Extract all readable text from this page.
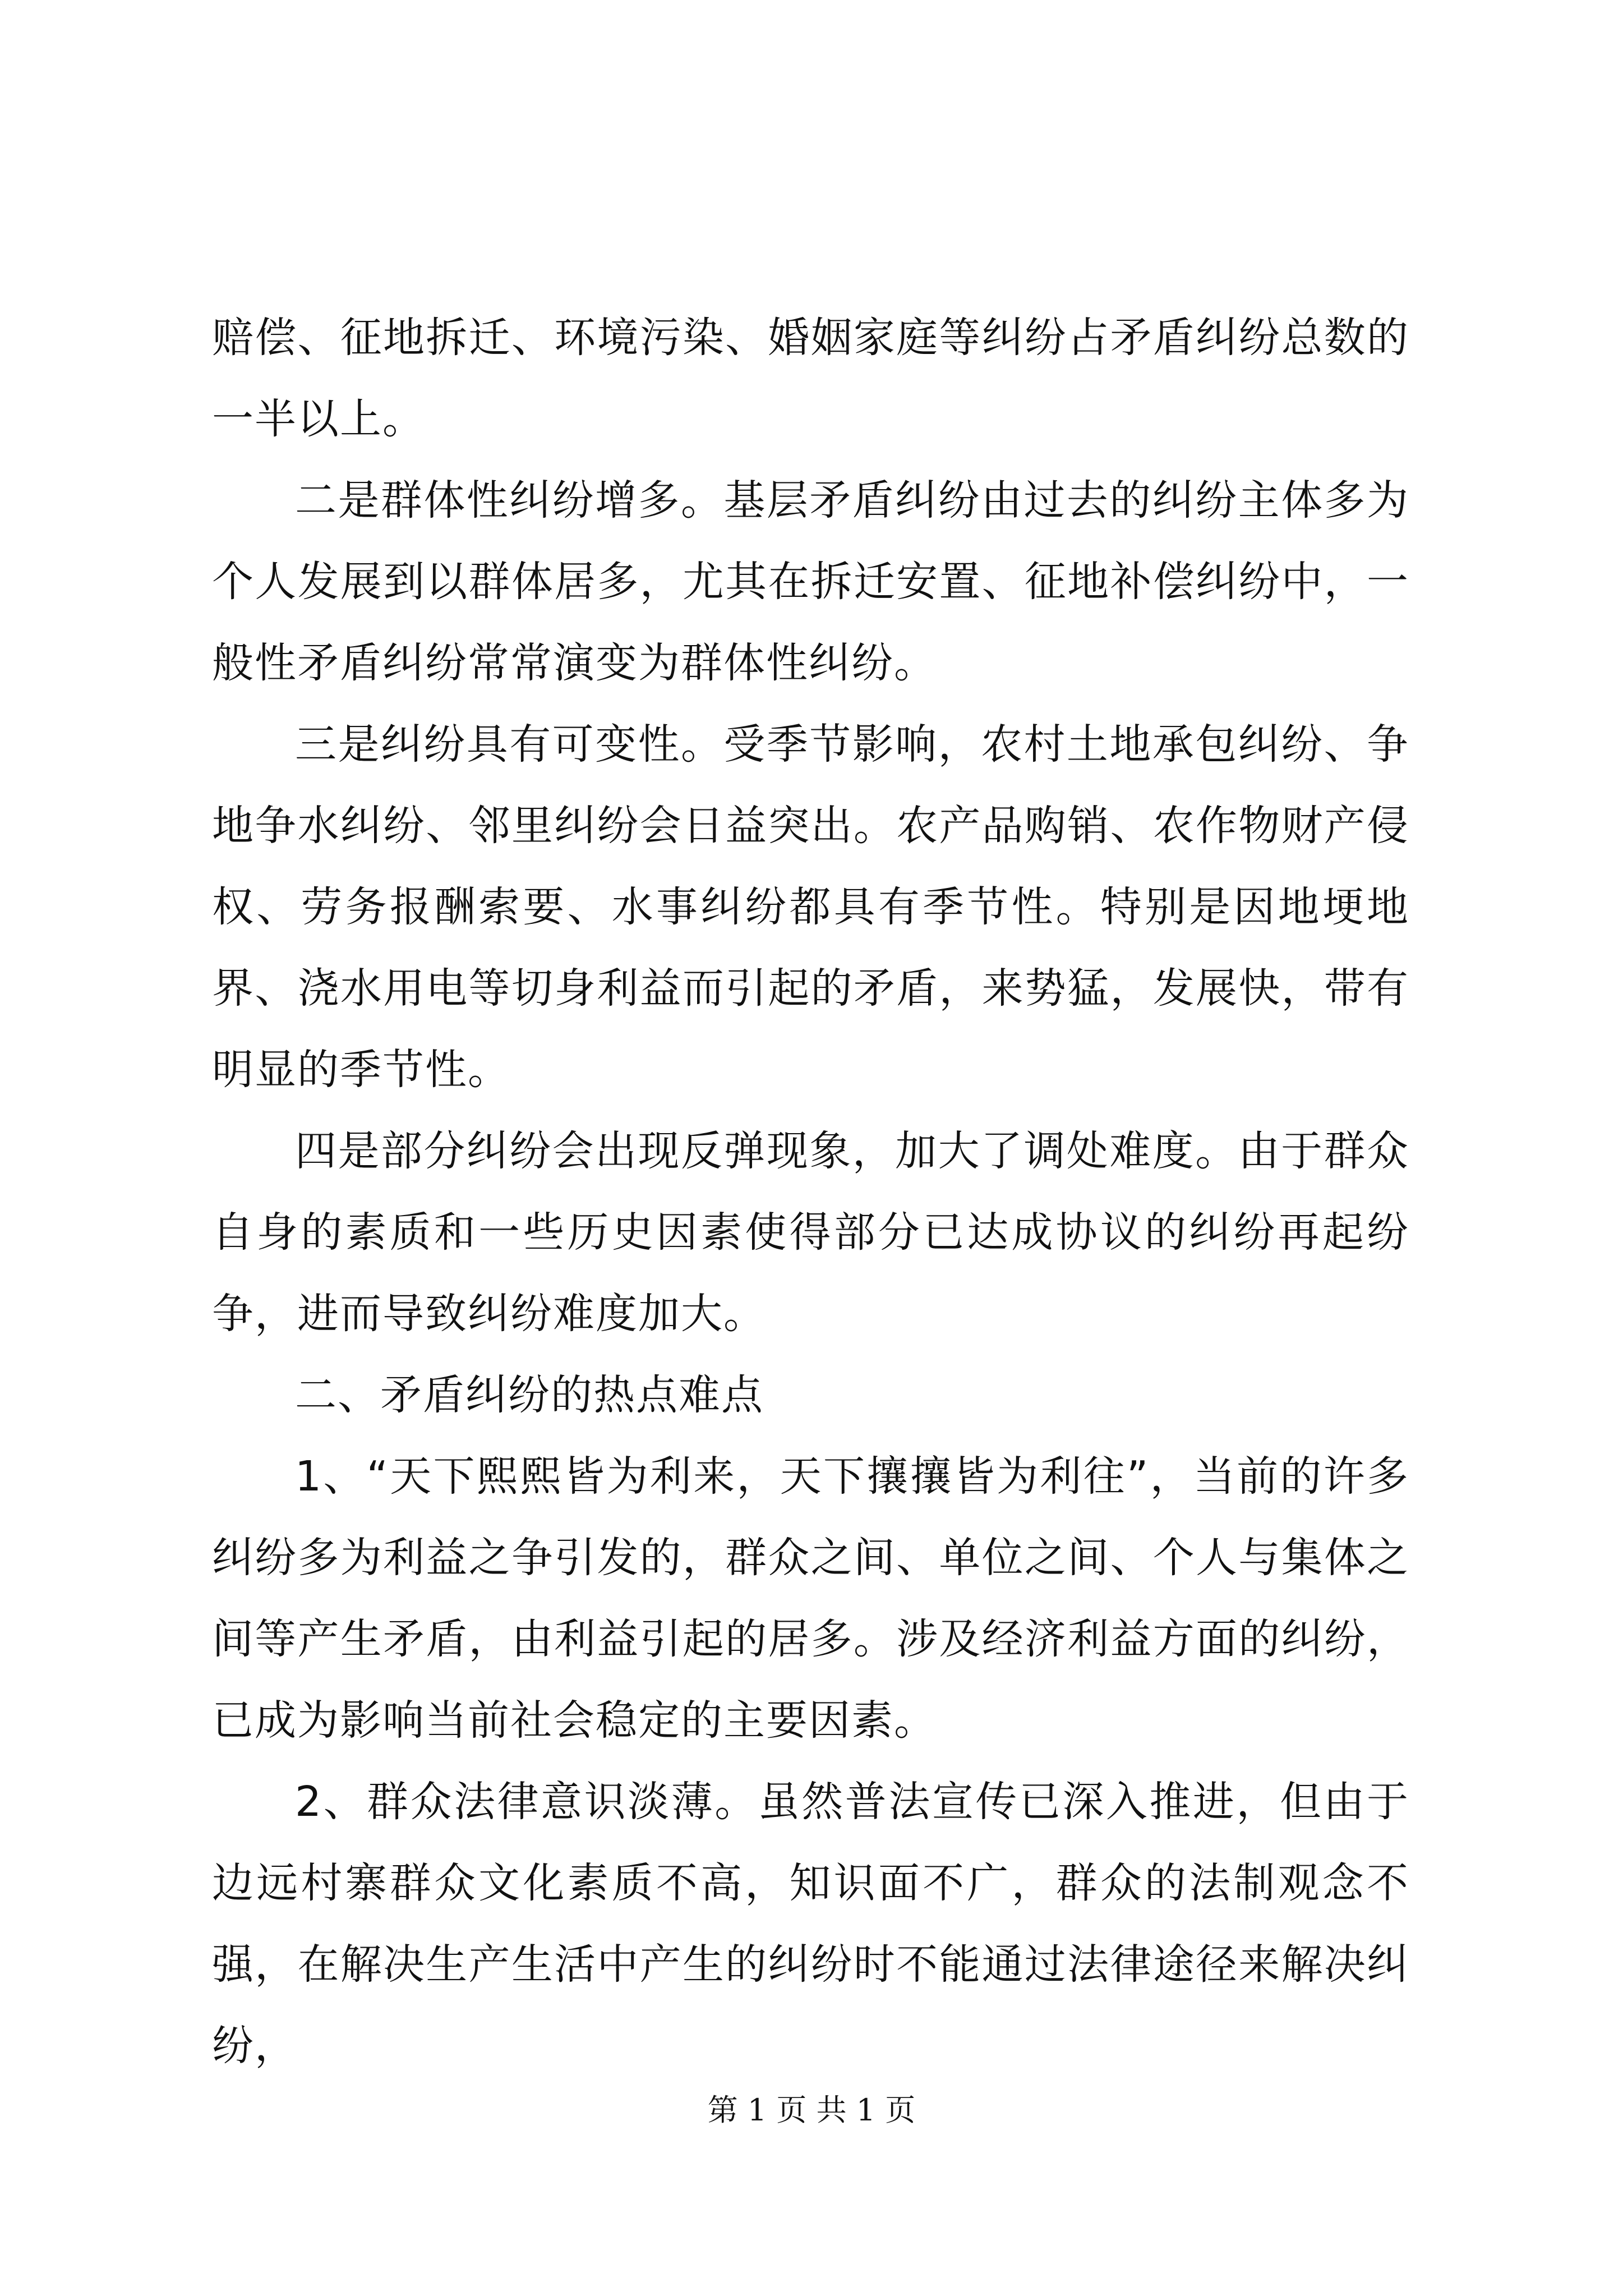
赔偿、征地拆迁、环境污染、婚姻家庭等纠纷占矛盾纠纷总数的一半以上。

二是群体性纠纷增多。基层矛盾纠纷由过去的纠纷主体多为个人发展到以群体居多，尤其在拆迁安置、征地补偿纠纷中，一般性矛盾纠纷常常演变为群体性纠纷。

三是纠纷具有可变性。受季节影响，农村土地承包纠纷、争地争水纠纷、邻里纠纷会日益突出。农产品购销、农作物财产侵权、劳务报酬索要、水事纠纷都具有季节性。特别是因地埂地界、浇水用电等切身利益而引起的矛盾，来势猛，发展快，带有明显的季节性。

四是部分纠纷会出现反弹现象，加大了调处难度。由于群众自身的素质和一些历史因素使得部分已达成协议的纠纷再起纷争，进而导致纠纷难度加大。

二、矛盾纠纷的热点难点

1、“天下熙熙皆为利来，天下攘攘皆为利往”，当前的许多纠纷多为利益之争引发的，群众之间、单位之间、个人与集体之间等产生矛盾，由利益引起的居多。涉及经济利益方面的纠纷，已成为影响当前社会稳定的主要因素。

2、群众法律意识淡薄。虽然普法宣传已深入推进，但由于边远村寨群众文化素质不高，知识面不广，群众的法制观念不强，在解决生产生活中产生的纠纷时不能通过法律途径来解决纠纷，

第 1 页 共 1 页
